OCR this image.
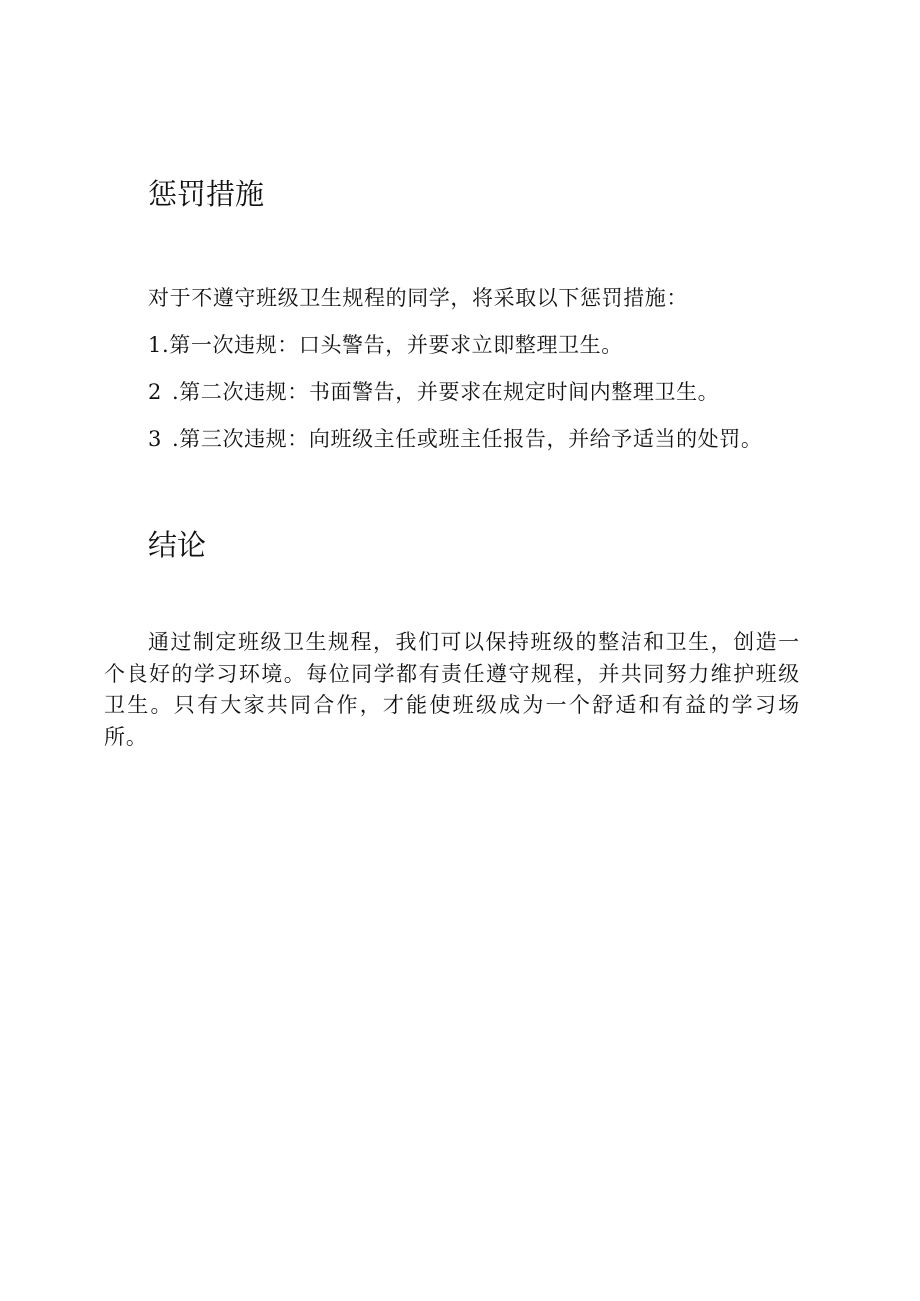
惩罚措施

对于不遵守班级卫生规程的同学，将采取以下惩罚措施：

1.第一次违规：口头警告，并要求立即整理卫生。

2 .第二次违规：书面警告，并要求在规定时间内整理卫生。

3 .第三次违规：向班级主任或班主任报告，并给予适当的处罚。

结论

通过制定班级卫生规程，我们可以保持班级的整洁和卫生，创造一个良好的学习环境。每位同学都有责任遵守规程，并共同努力维护班级卫生。只有大家共同合作，才能使班级成为一个舒适和有益的学习场所。
